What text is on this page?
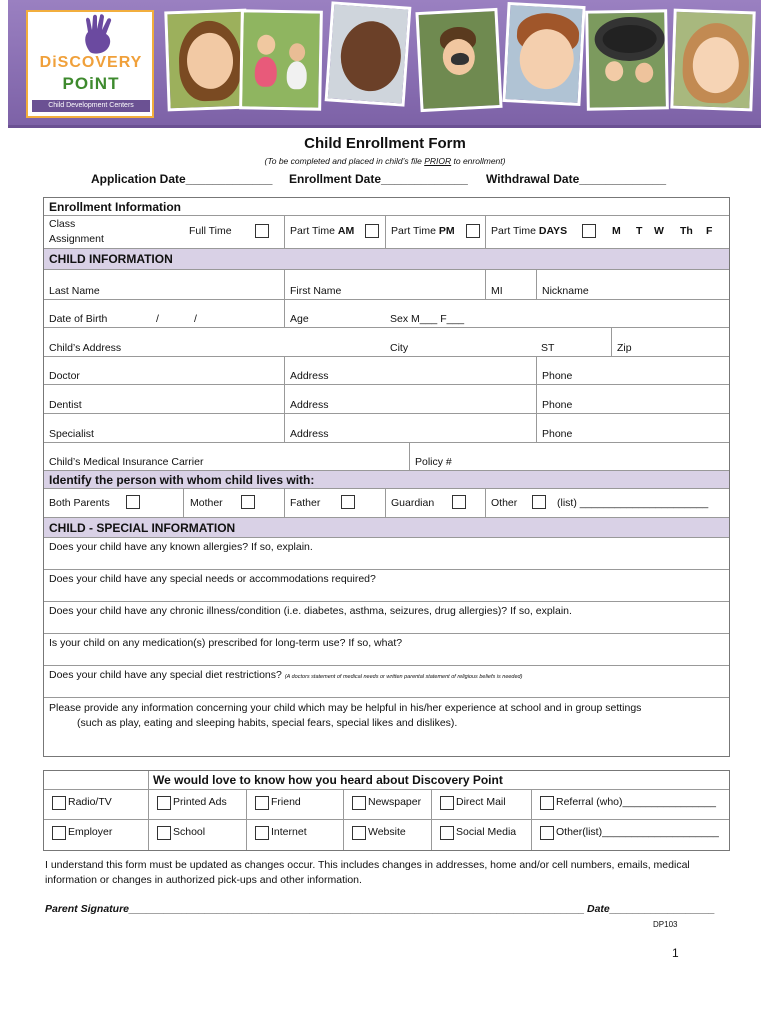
DiSCOVERY
POiNT
Child Development Centers
Child Enrollment Form
(To be completed and placed in child’s file PRIOR to enrollment)
Application Date_____________ Enrollment Date_____________ Withdrawal Date_____________
Enrollment Information
Class
Assignment
Full Time	Part Time AM	Part Time PM	Part Time DAYS	M T W Th F
CHILD INFORMATION
Last Name	First Name	MI	Nickname
Date of Birth	/	/	Age	Sex M___ F___
Child’s Address	City	ST	Zip
Doctor	Address	Phone
Dentist	Address	Phone
Specialist	Address	Phone
Child’s Medical Insurance Carrier	Policy #
Identify the person with whom child lives with:
Both Parents	Mother	Father	Guardian	Other	(list) ______________________
CHILD - SPECIAL INFORMATION
Does your child have any known allergies? If so, explain.
Does your child have any special needs or accommodations required?
Does your child have any chronic illness/condition (i.e. diabetes, asthma, seizures, drug allergies)? If so, explain.
Is your child on any medication(s) prescribed for long-term use? If so, what?
Does your child have any special diet restrictions? (A doctors statement of medical needs or written parental statement of religious beliefs is needed)
Please provide any information concerning your child which may be helpful in his/her experience at school and in group settings
(such as play, eating and sleeping habits, special fears, special likes and dislikes).
We would love to know how you heard about Discovery Point
Radio/TV	Printed Ads	Friend	Newspaper	Direct Mail	Referral (who)________________
Employer	School	Internet	Website	Social Media	Other(list)____________________
I understand this form must be updated as changes occur. This includes changes in addresses, home and/or cell numbers, emails, medical information or changes in authorized pick-ups and other information.
Parent Signature______________________________________________________________________________ Date__________________
DP103
1
